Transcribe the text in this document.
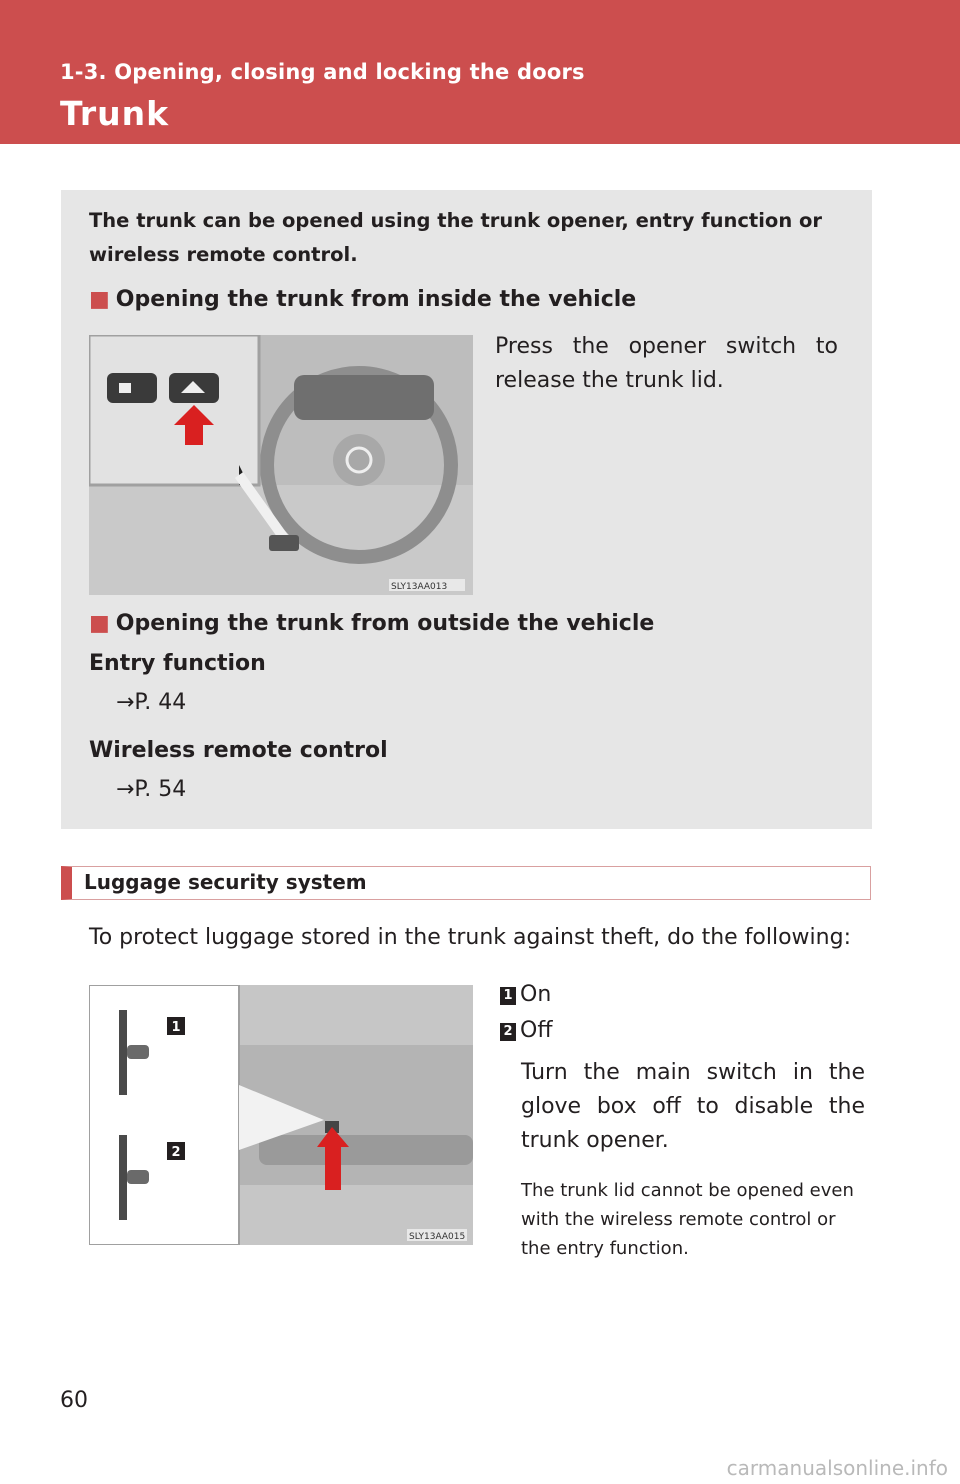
1-3. Opening, closing and locking the doors
Trunk
The trunk can be opened using the trunk opener, entry function or wireless remote control.
■ Opening the trunk from inside the vehicle
SLY13AA013
Press the opener switch to release the trunk lid.
■ Opening the trunk from outside the vehicle
Entry function
→P. 44
Wireless remote control
→P. 54
Luggage security system
To protect luggage stored in the trunk against theft, do the following:
1
2
SLY13AA015
1 On
2 Off
Turn the main switch in the glove box off to disable the trunk opener.
The trunk lid cannot be opened even with the wireless remote control or the entry function.
60
carmanualsonline.info
